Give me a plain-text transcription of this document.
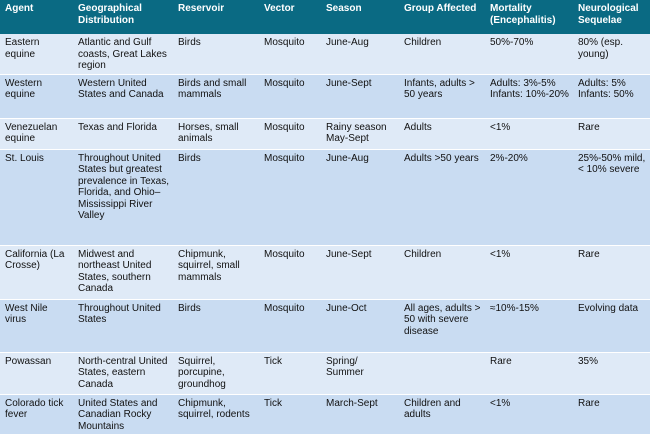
Agent	Geographical Distribution	Reservoir	Vector	Season	Group Affected	Mortality (Encephalitis)	Neurological Sequelae
Eastern equine	Atlantic and Gulf coasts, Great Lakes region	Birds	Mosquito	June-Aug	Children	50%-70%	80% (esp. young)
Western equine	Western United States and Canada	Birds and small mammals	Mosquito	June-Sept	Infants, adults > 50 years	Adults: 3%-5% Infants: 10%-20%	Adults: 5% Infants: 50%
Venezuelan equine	Texas and Florida	Horses, small animals	Mosquito	Rainy season May-Sept	Adults	<1%	Rare
St. Louis	Throughout United States but greatest prevalence in Texas, Florida, and Ohio–Mississippi River Valley	Birds	Mosquito	June-Aug	Adults >50 years	2%-20%	25%-50% mild, < 10% severe
California (La Crosse)	Midwest and northeast United States, southern Canada	Chipmunk, squirrel, small mammals	Mosquito	June-Sept	Children	<1%	Rare
West Nile virus	Throughout United States	Birds	Mosquito	June-Oct	All ages, adults > 50 with severe disease	≈10%-15%	Evolving data
Powassan	North-central United States, eastern Canada	Squirrel, porcupine, groundhog	Tick	Spring/ Summer		Rare	35%
Colorado tick fever	United States and Canadian Rocky Mountains	Chipmunk, squirrel, rodents	Tick	March-Sept	Children and adults	<1%	Rare
